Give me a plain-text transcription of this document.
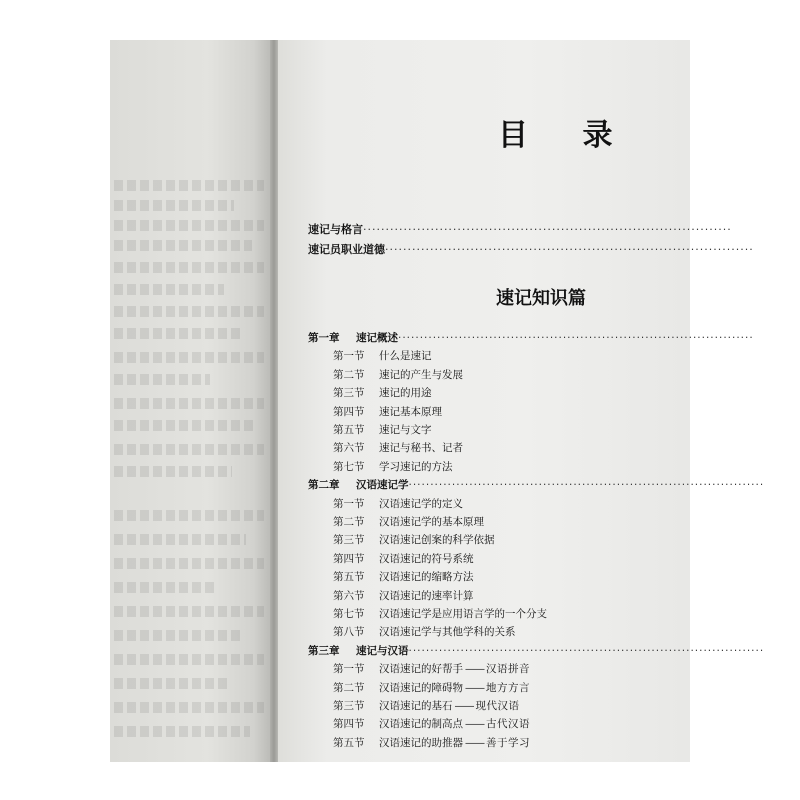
目 录
速记与格言··················································································
速记员职业道德··················································································
速记知识篇
第一章 速记概述··················································································
第一节 什么是速记
第二节 速记的产生与发展
第三节 速记的用途
第四节 速记基本原理
第五节 速记与文字
第六节 速记与秘书、记者
第七节 学习速记的方法
第二章 汉语速记学··················································································
第一节 汉语速记学的定义
第二节 汉语速记学的基本原理
第三节 汉语速记创案的科学依据
第四节 汉语速记的符号系统
第五节 汉语速记的缩略方法
第六节 汉语速记的速率计算
第七节 汉语速记学是应用语言学的一个分支
第八节 汉语速记学与其他学科的关系
第三章 速记与汉语··················································································
第一节 汉语速记的好帮手 —— 汉语拼音
第二节 汉语速记的障碍物 —— 地方方言
第三节 汉语速记的基石 —— 现代汉语
第四节 汉语速记的制高点 —— 古代汉语
第五节 汉语速记的助推器 —— 善于学习
